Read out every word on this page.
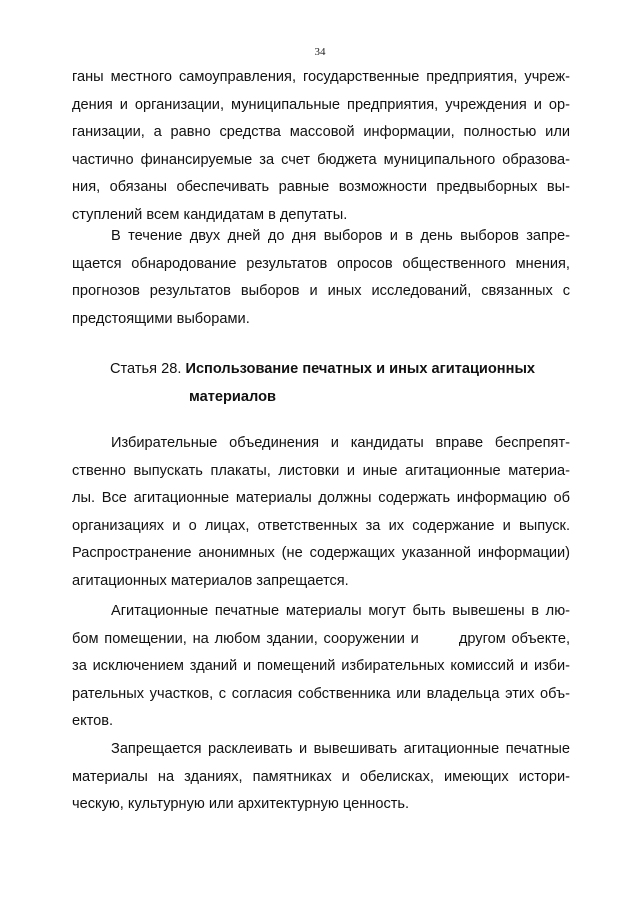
34

ганы местного самоуправления, государственные предприятия, учреж-
дения и организации, муниципальные предприятия, учреждения и ор-
ганизации, а равно средства массовой информации, полностью или
частично финансируемые за счет бюджета муниципального образова-
ния, обязаны обеспечивать равные возможности предвыборных вы-
ступлений всем кандидатам в депутаты.

В течение двух дней до дня выборов и в день выборов запре-
щается обнародование результатов опросов общественного мнения,
прогнозов результатов выборов и иных исследований, связанных с
предстоящими выборами.

Статья 28. Использование печатных и иных агитационных
материалов

Избирательные объединения и кандидаты вправе беспрепят-
ственно выпускать плакаты, листовки и иные агитационные материа-
лы. Все агитационные материалы должны содержать информацию об
организациях и о лицах, ответственных за их содержание и выпуск.
Распространение анонимных (не содержащих указанной информации)
агитационных материалов запрещается.

Агитационные печатные материалы могут быть вывешены в лю-
бом помещении, на любом здании, сооружении и	другом объекте,
за исключением зданий и помещений избирательных комиссий и изби-
рательных участков, с согласия собственника или владельца этих объ-
ектов.

Запрещается расклеивать и вывешивать агитационные печатные
материалы на зданиях, памятниках и обелисках, имеющих истори-
ческую, культурную или архитектурную ценность.
